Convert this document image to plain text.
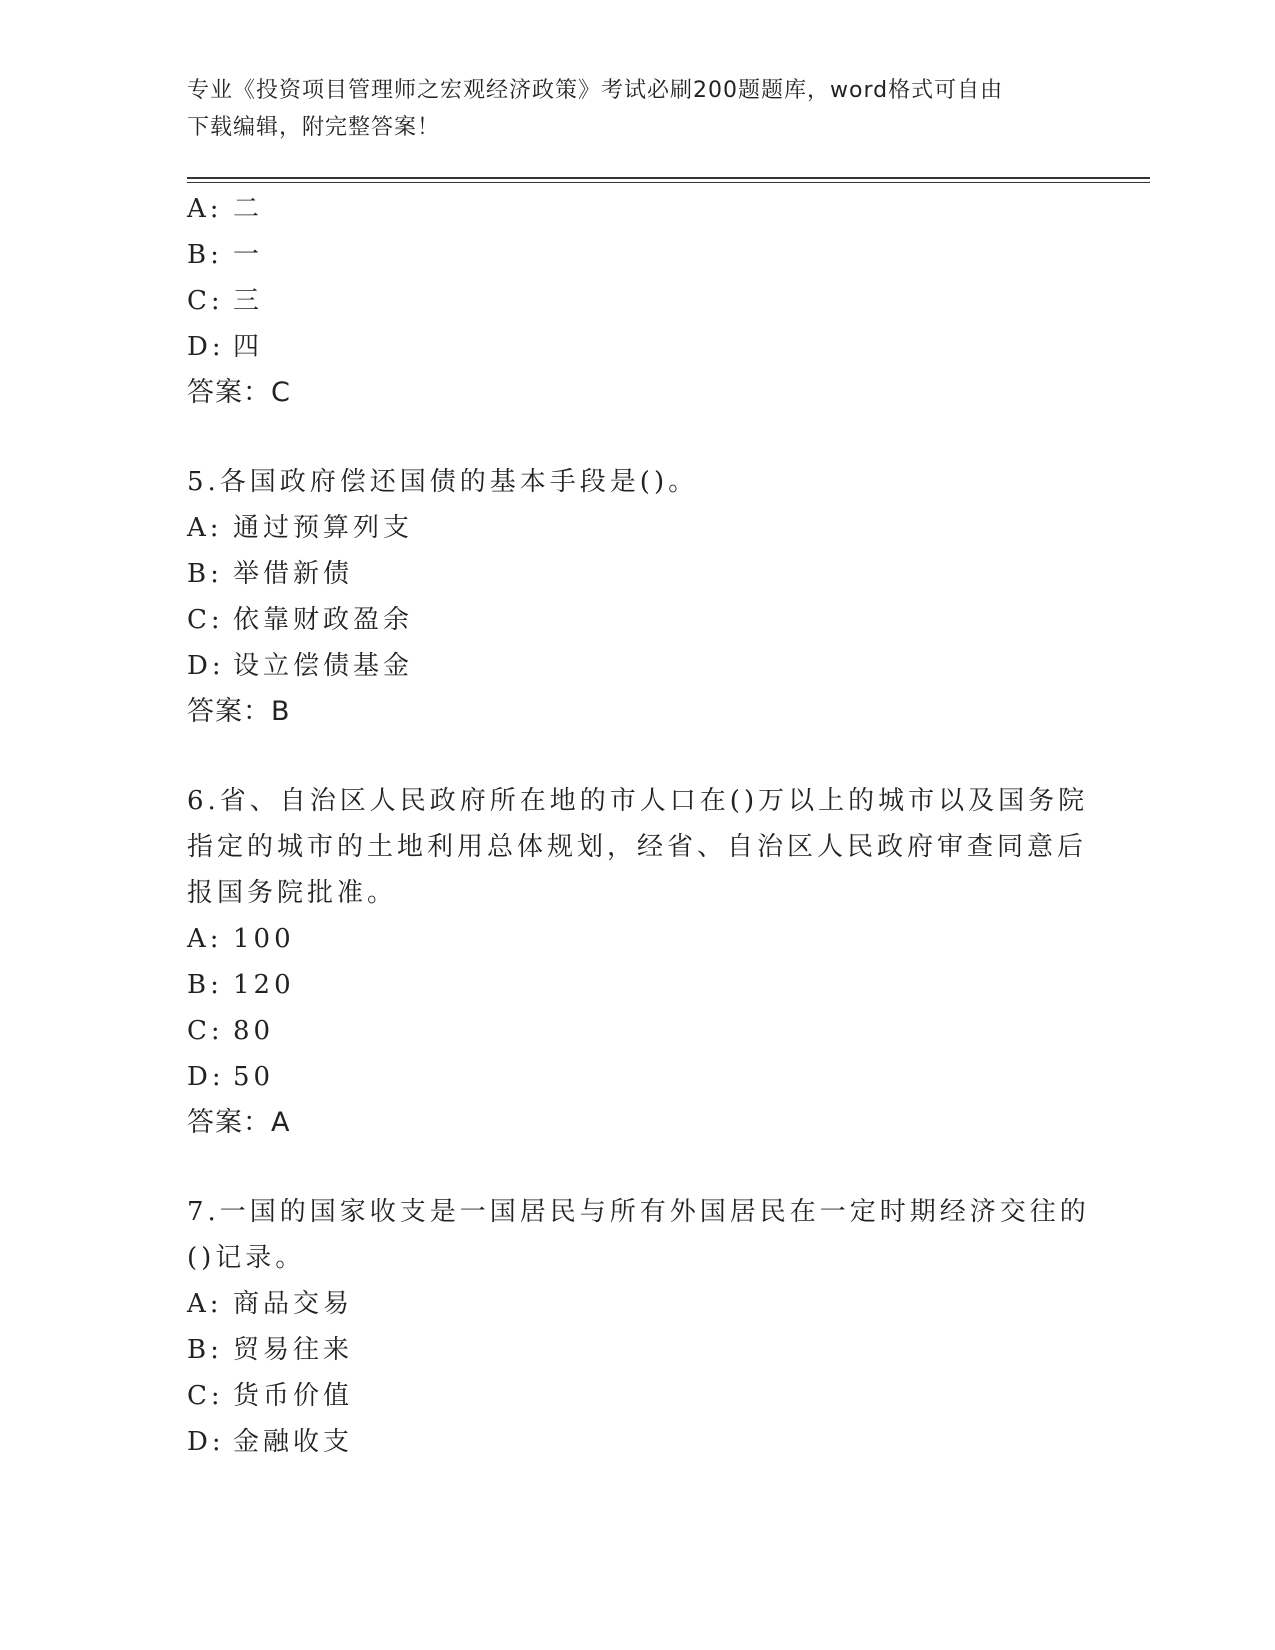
专业《投资项目管理师之宏观经济政策》考试必刷200题题库，word格式可自由
下载编辑，附完整答案！
A: 二
B: 一
C: 三
D: 四
答案：C
5.各国政府偿还国债的基本手段是()。
A: 通过预算列支
B: 举借新债
C: 依靠财政盈余
D: 设立偿债基金
答案：B
6.省、自治区人民政府所在地的市人口在()万以上的城市以及国务院
指定的城市的土地利用总体规划，经省、自治区人民政府审查同意后
报国务院批准。
A: 100
B: 120
C: 80
D: 50
答案：A
7.一国的国家收支是一国居民与所有外国居民在一定时期经济交往的
()记录。
A: 商品交易
B: 贸易往来
C: 货币价值
D: 金融收支
